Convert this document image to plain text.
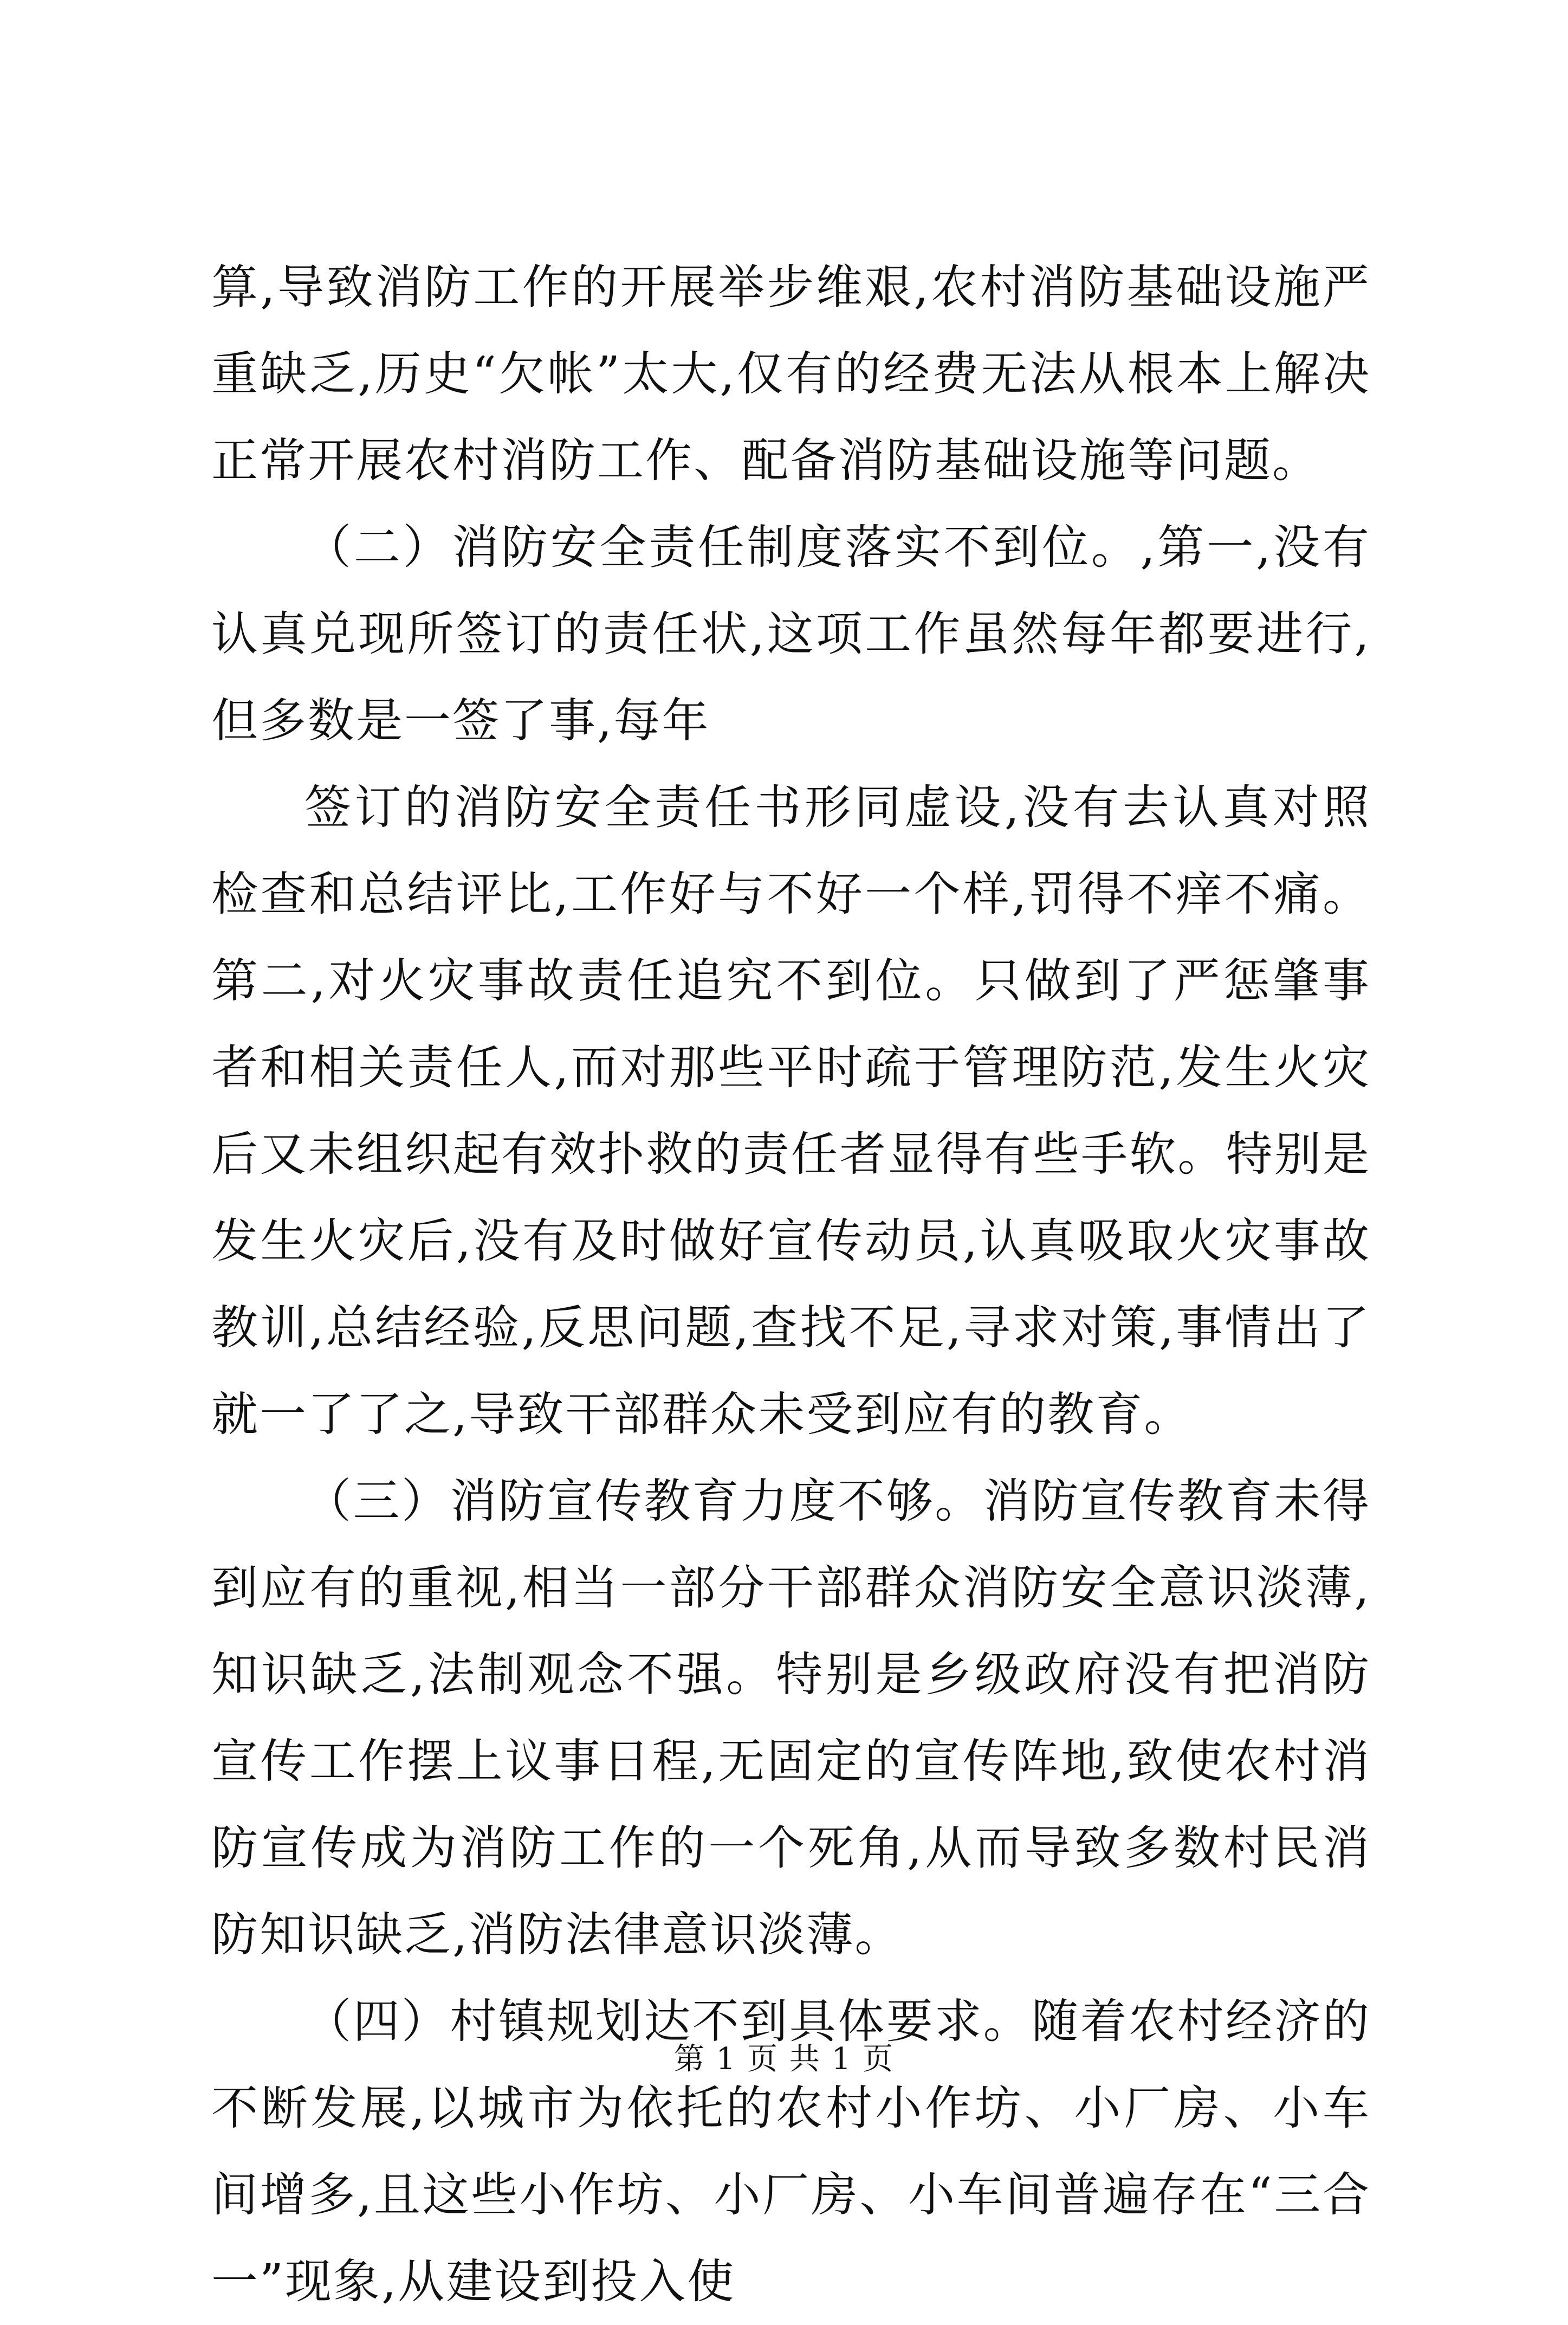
算,导致消防工作的开展举步维艰,农村消防基础设施严重缺乏,历史“欠帐”太大,仅有的经费无法从根本上解决正常开展农村消防工作、配备消防基础设施等问题。

（二）消防安全责任制度落实不到位。,第一,没有认真兑现所签订的责任状,这项工作虽然每年都要进行,但多数是一签了事,每年

签订的消防安全责任书形同虚设,没有去认真对照检查和总结评比,工作好与不好一个样,罚得不痒不痛。第二,对火灾事故责任追究不到位。只做到了严惩肇事者和相关责任人,而对那些平时疏于管理防范,发生火灾后又未组织起有效扑救的责任者显得有些手软。特别是发生火灾后,没有及时做好宣传动员,认真吸取火灾事故教训,总结经验,反思问题,查找不足,寻求对策,事情出了就一了了之,导致干部群众未受到应有的教育。

（三）消防宣传教育力度不够。消防宣传教育未得到应有的重视,相当一部分干部群众消防安全意识淡薄,知识缺乏,法制观念不强。特别是乡级政府没有把消防宣传工作摆上议事日程,无固定的宣传阵地,致使农村消防宣传成为消防工作的一个死角,从而导致多数村民消防知识缺乏,消防法律意识淡薄。

（四）村镇规划达不到具体要求。随着农村经济的不断发展,以城市为依托的农村小作坊、小厂房、小车间增多,且这些小作坊、小厂房、小车间普遍存在“三合一”现象,从建设到投入使

第 1 页 共 1 页
